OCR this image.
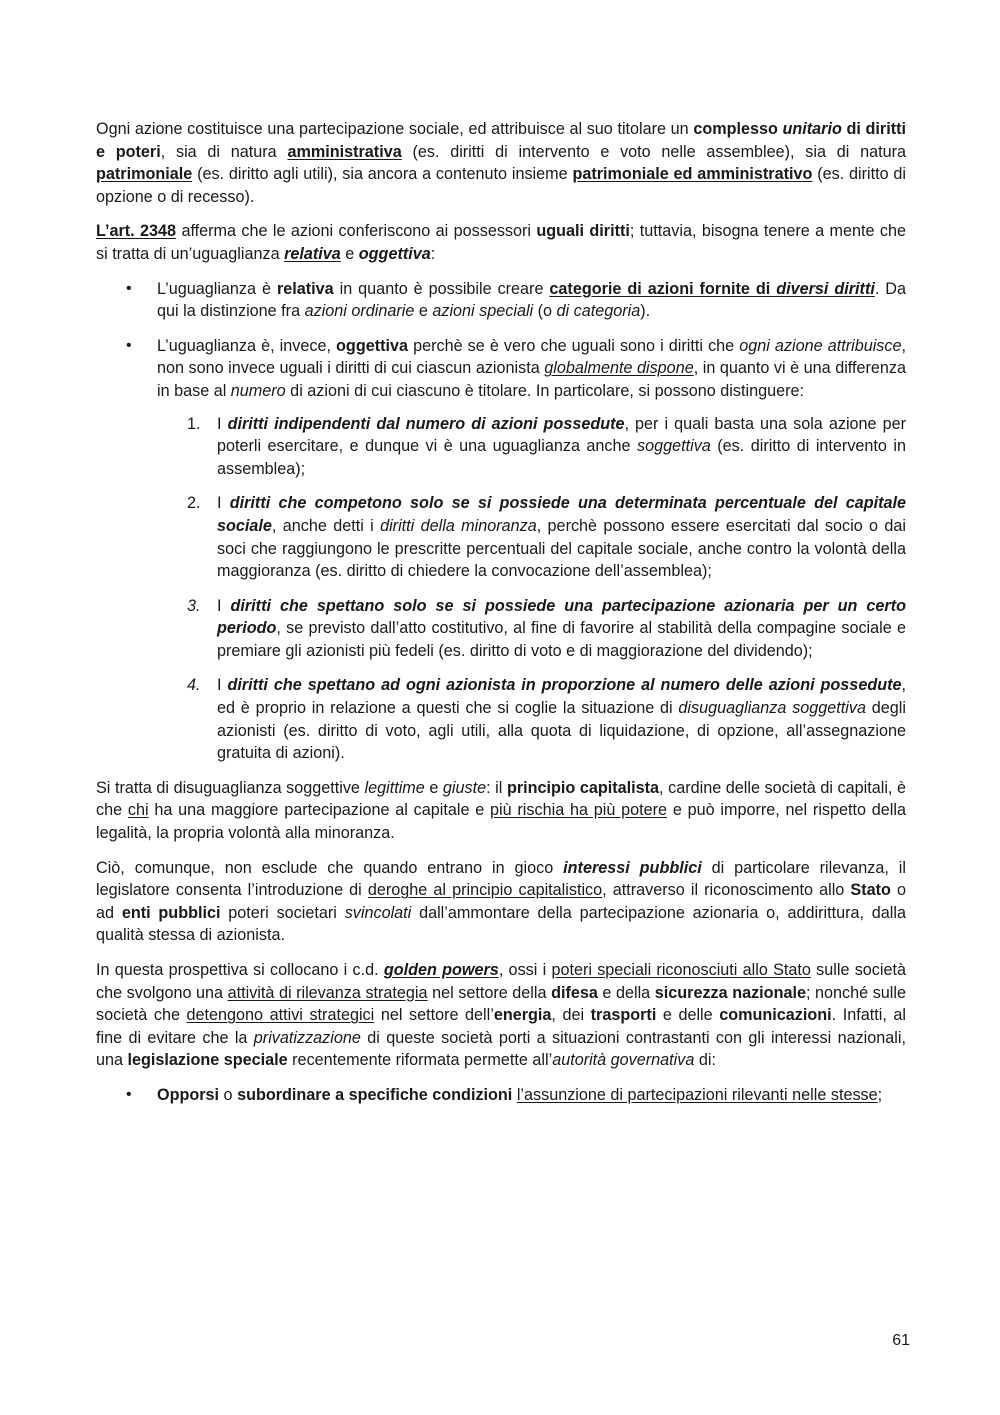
Ogni azione costituisce una partecipazione sociale, ed attribuisce al suo titolare un complesso unitario di diritti e poteri, sia di natura amministrativa (es. diritti di intervento e voto nelle assemblee), sia di natura patrimoniale (es. diritto agli utili), sia ancora a contenuto insieme patrimoniale ed amministrativo (es. diritto di opzione o di recesso).

L’art. 2348 afferma che le azioni conferiscono ai possessori uguali diritti; tuttavia, bisogna tenere a mente che si tratta di un’uguaglianza relativa e oggettiva:

• L’uguaglianza è relativa in quanto è possibile creare categorie di azioni fornite di diversi diritti. Da qui la distinzione fra azioni ordinarie e azioni speciali (o di categoria).
• L’uguaglianza è, invece, oggettiva perchè se è vero che uguali sono i diritti che ogni azione attribuisce, non sono invece uguali i diritti di cui ciascun azionista globalmente dispone, in quanto vi è una differenza in base al numero di azioni di cui ciascuno è titolare. In particolare, si possono distinguere:
1. I diritti indipendenti dal numero di azioni possedute, per i quali basta una sola azione per poterli esercitare, e dunque vi è una uguaglianza anche soggettiva (es. diritto di intervento in assemblea);
2. I diritti che competono solo se si possiede una determinata percentuale del capitale sociale, anche detti i diritti della minoranza, perchè possono essere esercitati dal socio o dai soci che raggiungono le prescritte percentuali del capitale sociale, anche contro la volontà della maggioranza (es. diritto di chiedere la convocazione dell’assemblea);
3. I diritti che spettano solo se si possiede una partecipazione azionaria per un certo periodo, se previsto dall’atto costitutivo, al fine di favorire al stabilità della compagine sociale e premiare gli azionisti più fedeli (es. diritto di voto e di maggiorazione del dividendo);
4. I diritti che spettano ad ogni azionista in proporzione al numero delle azioni possedute, ed è proprio in relazione a questi che si coglie la situazione di disuguaglianza soggettiva degli azionisti (es. diritto di voto, agli utili, alla quota di liquidazione, di opzione, all’assegnazione gratuita di azioni).

Si tratta di disuguaglianza soggettive legittime e giuste: il principio capitalista, cardine delle società di capitali, è che chi ha una maggiore partecipazione al capitale e più rischia ha più potere e può imporre, nel rispetto della legalità, la propria volontà alla minoranza.

Ciò, comunque, non esclude che quando entrano in gioco interessi pubblici di particolare rilevanza, il legislatore consenta l’introduzione di deroghe al principio capitalistico, attraverso il riconoscimento allo Stato o ad enti pubblici poteri societari svincolati dall’ammontare della partecipazione azionaria o, addirittura, dalla qualità stessa di azionista.

In questa prospettiva si collocano i c.d. golden powers, ossi i poteri speciali riconosciuti allo Stato sulle società che svolgono una attività di rilevanza strategia nel settore della difesa e della sicurezza nazionale; nonché sulle società che detengono attivi strategici nel settore dell’energia, dei trasporti e delle comunicazioni. Infatti, al fine di evitare che la privatizzazione di queste società porti a situazioni contrastanti con gli interessi nazionali, una legislazione speciale recentemente riformata permette all’autorità governativa di:

• Opporsi o subordinare a specifiche condizioni l’assunzione di partecipazioni rilevanti nelle stesse;
61
